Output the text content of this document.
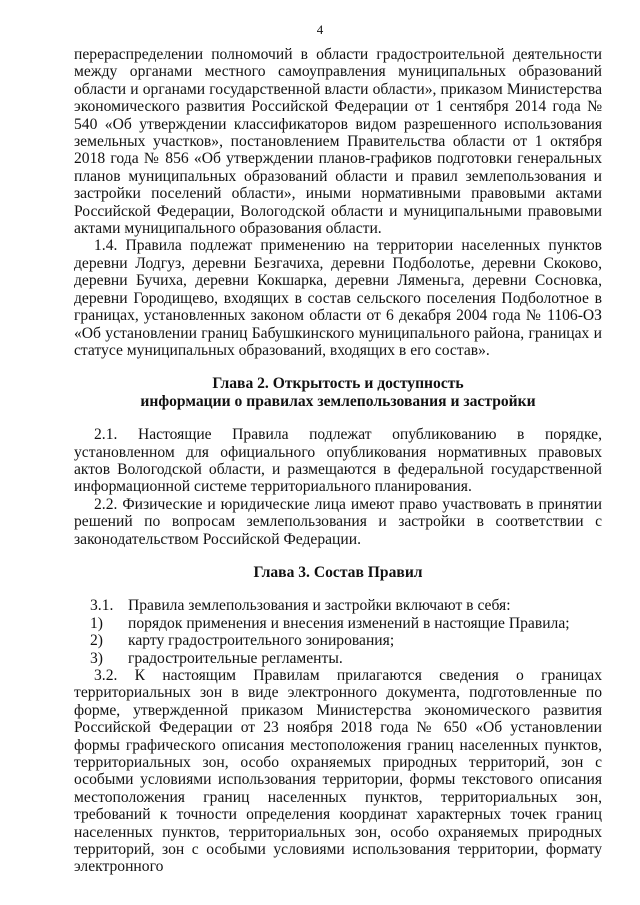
4

перераспределении полномочий в области градостроительной деятельности между органами местного самоуправления муниципальных образований области и органами государственной власти области», приказом Министерства экономического развития Российской Федерации от 1 сентября 2014 года № 540 «Об утверждении классификаторов видом разрешенного использования земельных участков», постановлением Правительства области от 1 октября 2018 года № 856 «Об утверждении планов-графиков подготовки генеральных планов муниципальных образований области и правил землепользования и застройки поселений области», иными нормативными правовыми актами Российской Федерации, Вологодской области и муниципальными правовыми актами муниципального образования области.

1.4. Правила подлежат применению на территории населенных пунктов деревни Лодгуз, деревни Безгачиха, деревни Подболотье, деревни Скоково, деревни Бучиха, деревни Кокшарка, деревни Ляменьга, деревни Сосновка, деревни Городищево, входящих в состав сельского поселения Подболотное в границах, установленных законом области от 6 декабря 2004 года № 1106-ОЗ «Об установлении границ Бабушкинского муниципального района, границах и статусе муниципальных образований, входящих в его состав».

Глава 2. Открытость и доступность
информации о правилах землепользования и застройки

2.1. Настоящие Правила подлежат опубликованию в порядке, установленном для официального опубликования нормативных правовых актов Вологодской области, и размещаются в федеральной государственной информационной системе территориального планирования.

2.2. Физические и юридические лица имеют право участвовать в принятии решений по вопросам землепользования и застройки в соответствии с законодательством Российской Федерации.

Глава 3. Состав Правил
3.1. Правила землепользования и застройки включают в себя:
1)	порядок применения и внесения изменений в настоящие Правила;
2)	карту градостроительного зонирования;
3)	градостроительные регламенты.

3.2. К настоящим Правилам прилагаются сведения о границах территориальных зон в виде электронного документа, подготовленные по форме, утвержденной приказом Министерства экономического развития Российской Федерации от 23 ноября 2018 года № 650 «Об установлении формы графического описания местоположения границ населенных пунктов, территориальных зон, особо охраняемых природных территорий, зон с особыми условиями использования территории, формы текстового описания местоположения границ населенных пунктов, территориальных зон, требований к точности определения координат характерных точек границ населенных пунктов, территориальных зон, особо охраняемых природных территорий, зон с особыми условиями использования территории, формату электронного
